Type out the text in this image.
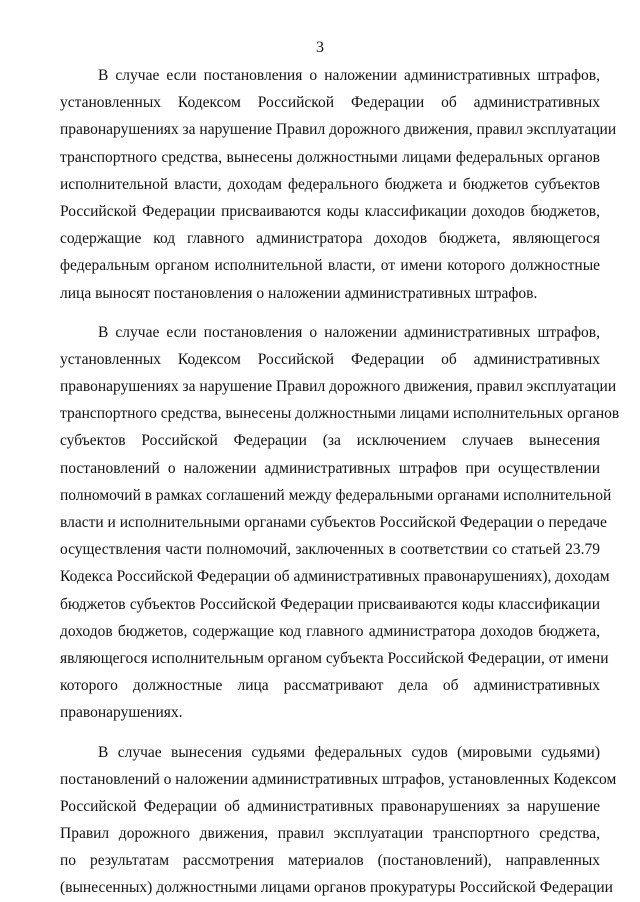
3
В случае если постановления о наложении административных штрафов,
установленных Кодексом Российской Федерации об административных
правонарушениях за нарушение Правил дорожного движения, правил эксплуатации
транспортного средства, вынесены должностными лицами федеральных органов
исполнительной власти, доходам федерального бюджета и бюджетов субъектов
Российской Федерации присваиваются коды классификации доходов бюджетов,
содержащие код главного администратора доходов бюджета, являющегося
федеральным органом исполнительной власти, от имени которого должностные
лица выносят постановления о наложении административных штрафов.
В случае если постановления о наложении административных штрафов,
установленных Кодексом Российской Федерации об административных
правонарушениях за нарушение Правил дорожного движения, правил эксплуатации
транспортного средства, вынесены должностными лицами исполнительных органов
субъектов Российской Федерации (за исключением случаев вынесения
постановлений о наложении административных штрафов при осуществлении
полномочий в рамках соглашений между федеральными органами исполнительной
власти и исполнительными органами субъектов Российской Федерации о передаче
осуществления части полномочий, заключенных в соответствии со статьей 23.79
Кодекса Российской Федерации об административных правонарушениях), доходам
бюджетов субъектов Российской Федерации присваиваются коды классификации
доходов бюджетов, содержащие код главного администратора доходов бюджета,
являющегося исполнительным органом субъекта Российской Федерации, от имени
которого должностные лица рассматривают дела об административных
правонарушениях.
В случае вынесения судьями федеральных судов (мировыми судьями)
постановлений о наложении административных штрафов, установленных Кодексом
Российской Федерации об административных правонарушениях за нарушение
Правил дорожного движения, правил эксплуатации транспортного средства,
по результатам рассмотрения материалов (постановлений), направленных
(вынесенных) должностными лицами органов прокуратуры Российской Федерации
